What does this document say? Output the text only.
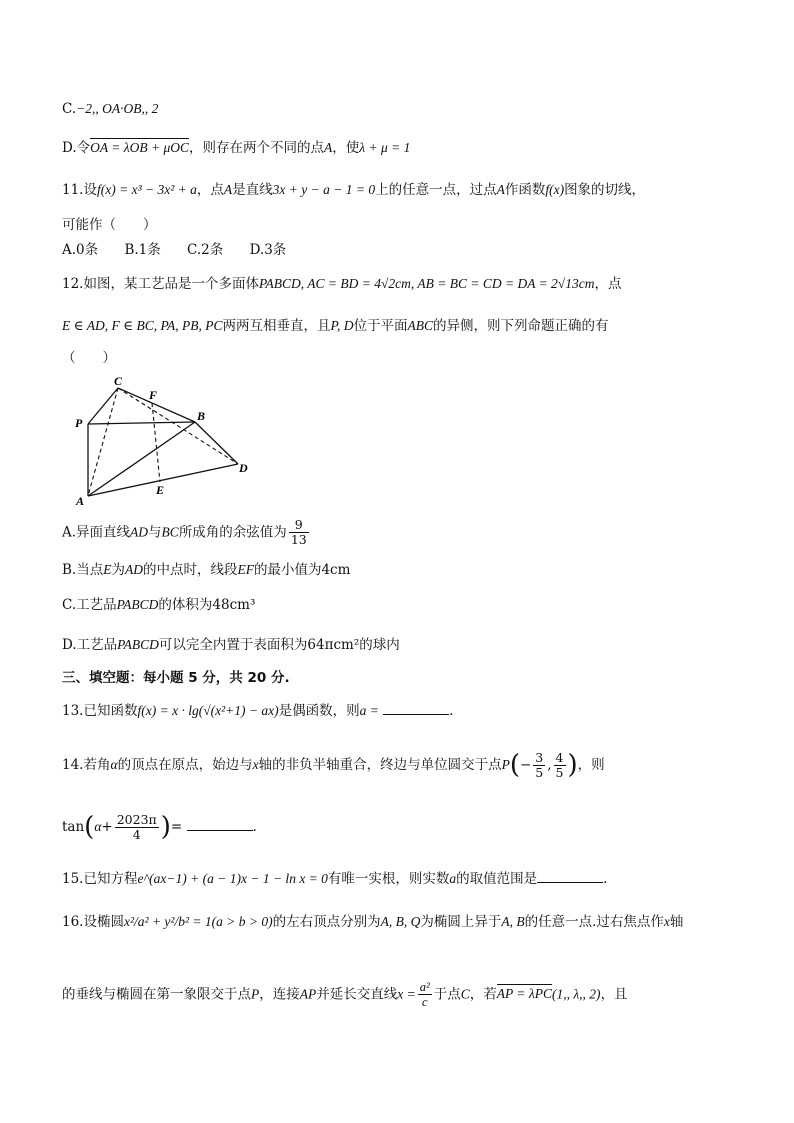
C.−2,, OA·OB,, 2
D.令OA = λOB + μOC，则存在两个不同的点A，使λ + μ = 1
11.设f(x) = x³ − 3x² + a，点A是直线3x + y − a − 1 = 0上的任意一点，过点A作函数f(x)图象的切线，
可能作（　　）
A.0条 B.1条 C.2条 D.3条
12.如图，某工艺品是一个多面体PABCD, AC = BD = 4√2cm, AB = BC = CD = DA = 2√13cm，点
E ∈ AD, F ∈ BC, PA, PB, PC两两互相垂直，且P, D位于平面ABC的异侧，则下列命题正确的有
（　　）
C
F
P	B
D
A
E
A.异面直线AD与BC所成角的余弦值为 $\frac{9}{13}$
B.当点E为AD的中点时，线段EF的最小值为4cm
C.工艺品PABCD的体积为48cm³
D.工艺品PABCD可以完全内置于表面积为64πcm²的球内
三、填空题：每小题 5 分，共 20 分.
13.已知函数f(x) = x · lg(√(x²+1) − ax)是偶函数，则a =	.
14.若角α的顶点在原点，始边与x轴的非负半轴重合，终边与单位圆交于点$P(- \frac{3}{5}$ , $\frac{4}{5}$ )，则
$\tan(\alpha+ \frac{2023\pi}{4}$ )=	.
15.已知方程e^(ax−1) + (a − 1)x − 1 − ln x = 0有唯一实根，则实数a的取值范围是	.
16.设椭圆x²/a² + y²/b² = 1(a > b > 0)的左右顶点分别为A, B, Q为椭圆上异于A, B的任意一点.过右焦点作x轴
的垂线与椭圆在第一象限交于点P，连接AP并延长交直线$x = \frac{\text{a²}}{c}$ 于点C，若AP = λPC(1,, λ,, 2)，且
